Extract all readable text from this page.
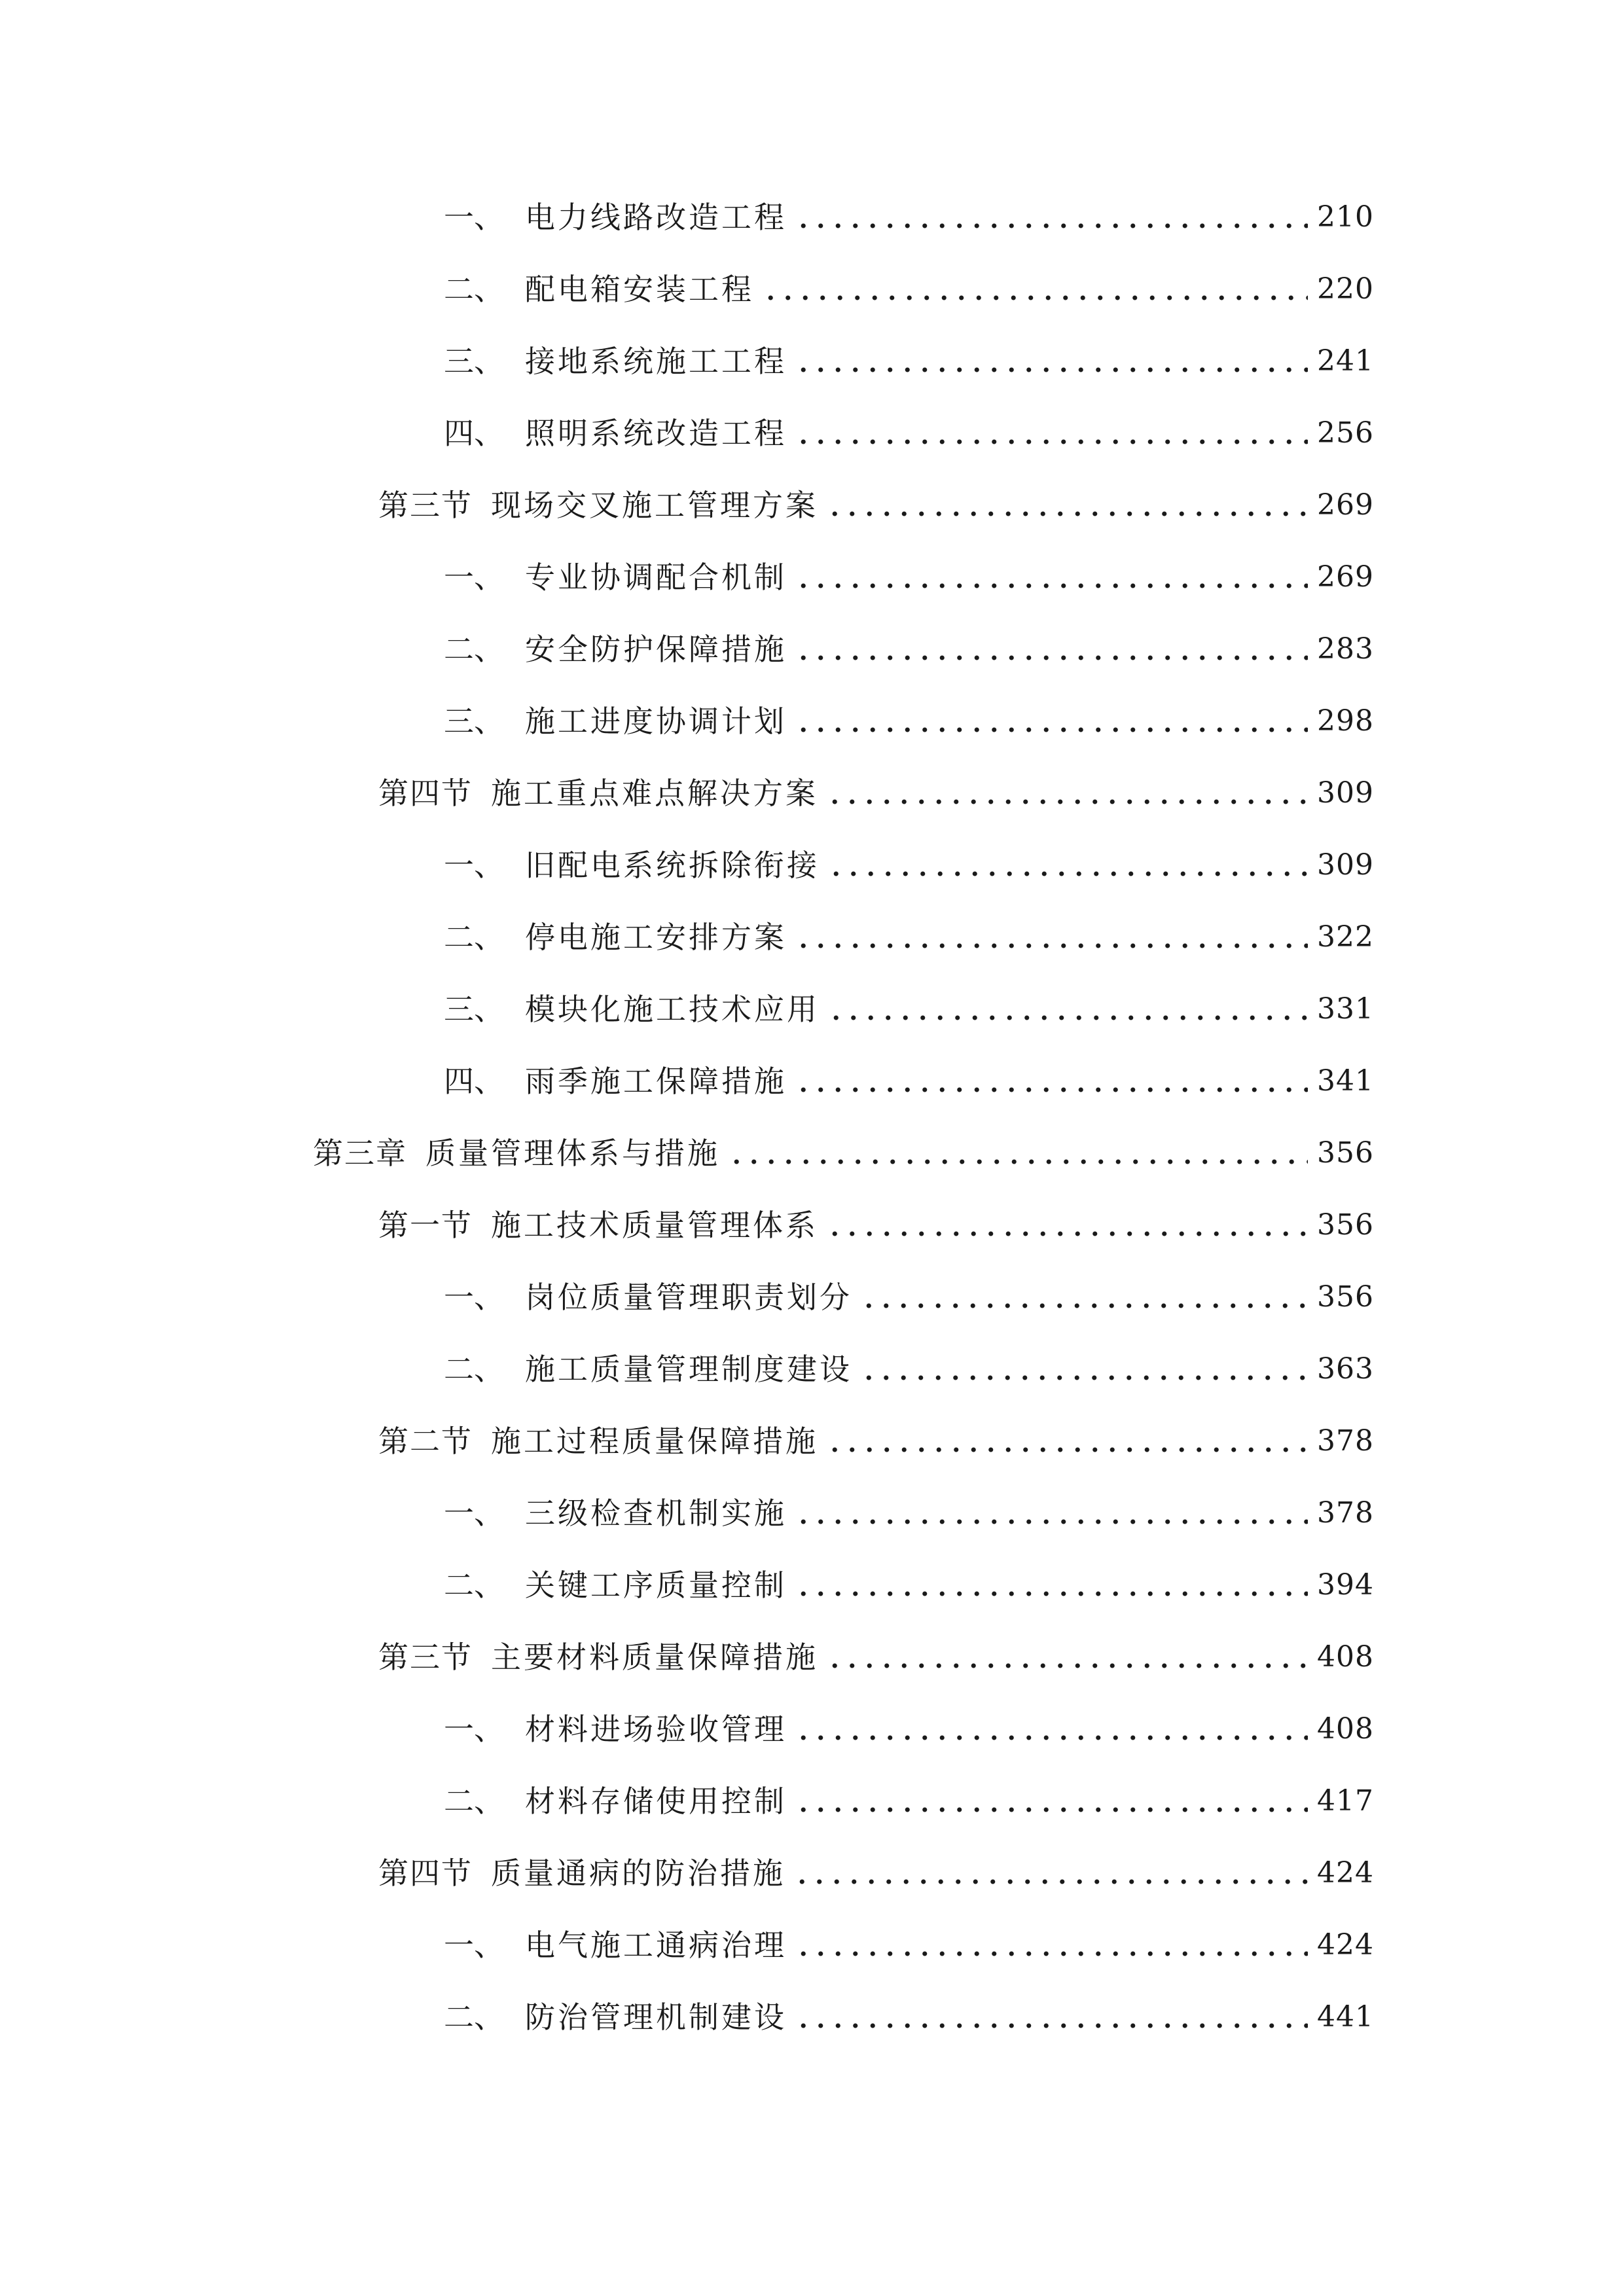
一、 电力线路改造工程	210
二、 配电箱安装工程	220
三、 接地系统施工工程	241
四、 照明系统改造工程	256
第三节 现场交叉施工管理方案	269
一、 专业协调配合机制	269
二、 安全防护保障措施	283
三、 施工进度协调计划	298
第四节 施工重点难点解决方案	309
一、 旧配电系统拆除衔接	309
二、 停电施工安排方案	322
三、 模块化施工技术应用	331
四、 雨季施工保障措施	341
第三章 质量管理体系与措施	356
第一节 施工技术质量管理体系	356
一、 岗位质量管理职责划分	356
二、 施工质量管理制度建设	363
第二节 施工过程质量保障措施	378
一、 三级检查机制实施	378
二、 关键工序质量控制	394
第三节 主要材料质量保障措施	408
一、 材料进场验收管理	408
二、 材料存储使用控制	417
第四节 质量通病的防治措施	424
一、 电气施工通病治理	424
二、 防治管理机制建设	441
